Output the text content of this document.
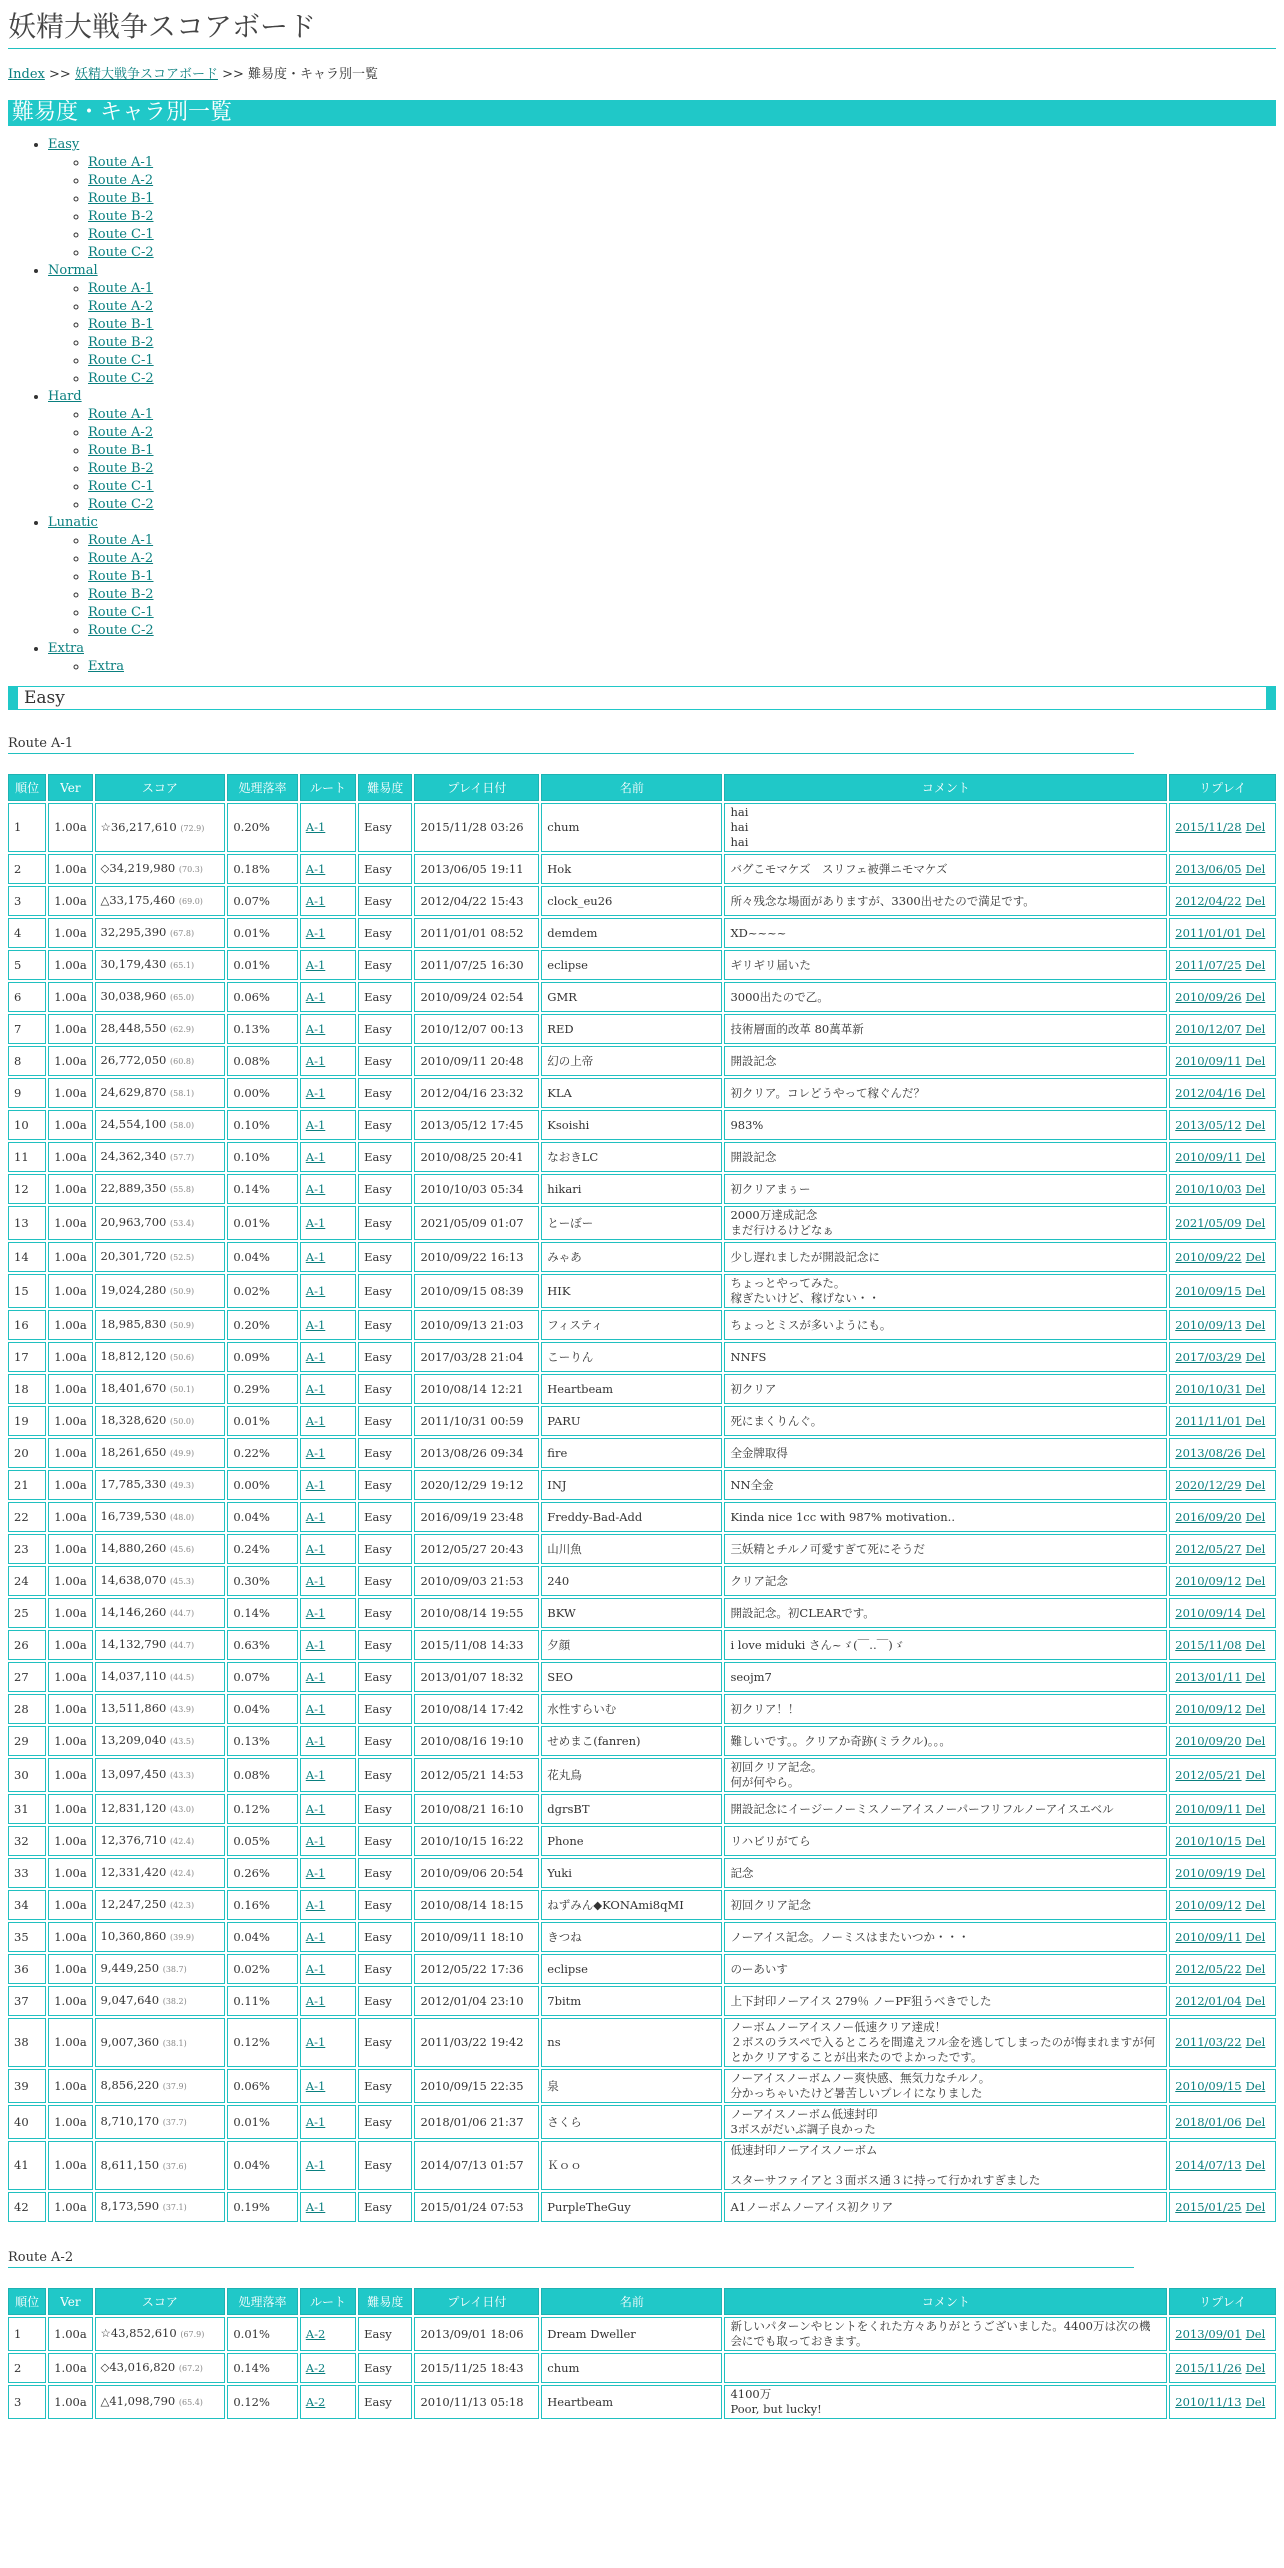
妖精大戦争スコアボード
Index >> 妖精大戦争スコアボード >> 難易度・キャラ別一覧
難易度・キャラ別一覧
• Easy
◦ Route A-1
◦ Route A-2
◦ Route B-1
◦ Route B-2
◦ Route C-1
◦ Route C-2
• Normal
◦ Route A-1
◦ Route A-2
◦ Route B-1
◦ Route B-2
◦ Route C-1
◦ Route C-2
• Hard
◦ Route A-1
◦ Route A-2
◦ Route B-1
◦ Route B-2
◦ Route C-1
◦ Route C-2
• Lunatic
◦ Route A-1
◦ Route A-2
◦ Route B-1
◦ Route B-2
◦ Route C-1
◦ Route C-2
• Extra
◦ Extra
Easy
Route A-1
順位	Ver	スコア	処理落率	ルート	難易度	プレイ日付	名前	コメント	リプレイ
1	1.00a	☆36,217,610 (72.9)	0.20%	A-1	Easy	2015/11/28 03:26	chum	hai
hai
hai	2015/11/28 Del
2	1.00a	◇34,219,980 (70.3)	0.18%	A-1	Easy	2013/06/05 19:11	Hok	バグこモマケズ　スリフェ被弾ニモマケズ	2013/06/05 Del
3	1.00a	△33,175,460 (69.0)	0.07%	A-1	Easy	2012/04/22 15:43	clock_eu26	所々残念な場面がありますが、3300出せたので満足です。	2012/04/22 Del
4	1.00a	32,295,390 (67.8)	0.01%	A-1	Easy	2011/01/01 08:52	demdem	XD~~~~	2011/01/01 Del
5	1.00a	30,179,430 (65.1)	0.01%	A-1	Easy	2011/07/25 16:30	eclipse	ギリギリ届いた	2011/07/25 Del
6	1.00a	30,038,960 (65.0)	0.06%	A-1	Easy	2010/09/24 02:54	GMR	3000出たので乙。	2010/09/26 Del
7	1.00a	28,448,550 (62.9)	0.13%	A-1	Easy	2010/12/07 00:13	RED	技術層面的改革 80萬革新	2010/12/07 Del
8	1.00a	26,772,050 (60.8)	0.08%	A-1	Easy	2010/09/11 20:48	幻の上帝	開設記念	2010/09/11 Del
9	1.00a	24,629,870 (58.1)	0.00%	A-1	Easy	2012/04/16 23:32	KLA	初クリア。コレどうやって稼ぐんだ？	2012/04/16 Del
10	1.00a	24,554,100 (58.0)	0.10%	A-1	Easy	2013/05/12 17:45	Ksoishi	983%	2013/05/12 Del
11	1.00a	24,362,340 (57.7)	0.10%	A-1	Easy	2010/08/25 20:41	なおきLC	開設記念	2010/09/11 Del
12	1.00a	22,889,350 (55.8)	0.14%	A-1	Easy	2010/10/03 05:34	hikari	初クリアまぅー	2010/10/03 Del
13	1.00a	20,963,700 (53.4)	0.01%	A-1	Easy	2021/05/09 01:07	とーぼー	2000万達成記念
まだ行けるけどなぁ	2021/05/09 Del
14	1.00a	20,301,720 (52.5)	0.04%	A-1	Easy	2010/09/22 16:13	みゃあ	少し遅れましたが開設記念に	2010/09/22 Del
15	1.00a	19,024,280 (50.9)	0.02%	A-1	Easy	2010/09/15 08:39	HIK	ちょっとやってみた。
稼ぎたいけど、稼げない・・	2010/09/15 Del
16	1.00a	18,985,830 (50.9)	0.20%	A-1	Easy	2010/09/13 21:03	フィスティ	ちょっとミスが多いようにも。	2010/09/13 Del
17	1.00a	18,812,120 (50.6)	0.09%	A-1	Easy	2017/03/28 21:04	こーりん	NNFS	2017/03/29 Del
18	1.00a	18,401,670 (50.1)	0.29%	A-1	Easy	2010/08/14 12:21	Heartbeam	初クリア	2010/10/31 Del
19	1.00a	18,328,620 (50.0)	0.01%	A-1	Easy	2011/10/31 00:59	PARU	死にまくりんぐ。	2011/11/01 Del
20	1.00a	18,261,650 (49.9)	0.22%	A-1	Easy	2013/08/26 09:34	fire	全金牌取得	2013/08/26 Del
21	1.00a	17,785,330 (49.3)	0.00%	A-1	Easy	2020/12/29 19:12	INJ	NN全金	2020/12/29 Del
22	1.00a	16,739,530 (48.0)	0.04%	A-1	Easy	2016/09/19 23:48	Freddy-Bad-Add	Kinda nice 1cc with 987% motivation..	2016/09/20 Del
23	1.00a	14,880,260 (45.6)	0.24%	A-1	Easy	2012/05/27 20:43	山川魚	三妖精とチルノ可愛すぎて死にそうだ	2012/05/27 Del
24	1.00a	14,638,070 (45.3)	0.30%	A-1	Easy	2010/09/03 21:53	240	クリア記念	2010/09/12 Del
25	1.00a	14,146,260 (44.7)	0.14%	A-1	Easy	2010/08/14 19:55	BKW	開設記念。初CLEARです。	2010/09/14 Del
26	1.00a	14,132,790 (44.7)	0.63%	A-1	Easy	2015/11/08 14:33	夕顔	i love miduki さん~ゞ(￣‥￣)ゞ	2015/11/08 Del
27	1.00a	14,037,110 (44.5)	0.07%	A-1	Easy	2013/01/07 18:32	SEO	seojm7	2013/01/11 Del
28	1.00a	13,511,860 (43.9)	0.04%	A-1	Easy	2010/08/14 17:42	水性すらいむ	初クリア！！	2010/09/12 Del
29	1.00a	13,209,040 (43.5)	0.13%	A-1	Easy	2010/08/16 19:10	せめまこ(fanren)	難しいです。。クリアか奇跡(ミラクル)。。。	2010/09/20 Del
30	1.00a	13,097,450 (43.3)	0.08%	A-1	Easy	2012/05/21 14:53	花丸鳥	初回クリア記念。
何が何やら。	2012/05/21 Del
31	1.00a	12,831,120 (43.0)	0.12%	A-1	Easy	2010/08/21 16:10	dgrsBT	開設記念にイージーノーミスノーアイスノーパーフリフルノーアイスエベル	2010/09/11 Del
32	1.00a	12,376,710 (42.4)	0.05%	A-1	Easy	2010/10/15 16:22	Phone	リハビリがてら	2010/10/15 Del
33	1.00a	12,331,420 (42.4)	0.26%	A-1	Easy	2010/09/06 20:54	Yuki	記念	2010/09/19 Del
34	1.00a	12,247,250 (42.3)	0.16%	A-1	Easy	2010/08/14 18:15	ねずみん◆KONAmi8qMI	初回クリア記念	2010/09/12 Del
35	1.00a	10,360,860 (39.9)	0.04%	A-1	Easy	2010/09/11 18:10	きつね	ノーアイス記念。ノーミスはまたいつか・・・	2010/09/11 Del
36	1.00a	9,449,250 (38.7)	0.02%	A-1	Easy	2012/05/22 17:36	eclipse	のーあいす	2012/05/22 Del
37	1.00a	9,047,640 (38.2)	0.11%	A-1	Easy	2012/01/04 23:10	7bitm	上下封印ノーアイス 279％ ノーPF狙うべきでした	2012/01/04 Del
38	1.00a	9,007,360 (38.1)	0.12%	A-1	Easy	2011/03/22 19:42	ns	ノーボムノーアイスノー低速クリア達成！
２ボスのラスペで入るところを間違えフル金を逃してしまったのが悔まれますが何とかクリアすることが出来たのでよかったです。	2011/03/22 Del
39	1.00a	8,856,220 (37.9)	0.06%	A-1	Easy	2010/09/15 22:35	泉	ノーアイスノーボムノー爽快感、無気力なチルノ。
分かっちゃいたけど暑苦しいプレイになりました	2010/09/15 Del
40	1.00a	8,710,170 (37.7)	0.01%	A-1	Easy	2018/01/06 21:37	さくら	ノーアイスノーボム低速封印
3ボスがだいぶ調子良かった	2018/01/06 Del
41	1.00a	8,611,150 (37.6)	0.04%	A-1	Easy	2014/07/13 01:57	Ｋｏｏ	低速封印ノーアイスノーボム

スターサファイアと３面ボス通３に持って行かれすぎました	2014/07/13 Del
42	1.00a	8,173,590 (37.1)	0.19%	A-1	Easy	2015/01/24 07:53	PurpleTheGuy	A1ノーボムノーアイス初クリア	2015/01/25 Del
Route A-2
順位	Ver	スコア	処理落率	ルート	難易度	プレイ日付	名前	コメント	リプレイ
1	1.00a	☆43,852,610 (67.9)	0.01%	A-2	Easy	2013/09/01 18:06	Dream Dweller	新しいパターンやヒントをくれた方々ありがとうございました。4400万は次の機会にでも取っておきます。	2013/09/01 Del
2	1.00a	◇43,016,820 (67.2)	0.14%	A-2	Easy	2015/11/25 18:43	chum		2015/11/26 Del
3	1.00a	△41,098,790 (65.4)	0.12%	A-2	Easy	2010/11/13 05:18	Heartbeam	4100万
Poor, but lucky!	2010/11/13 Del
